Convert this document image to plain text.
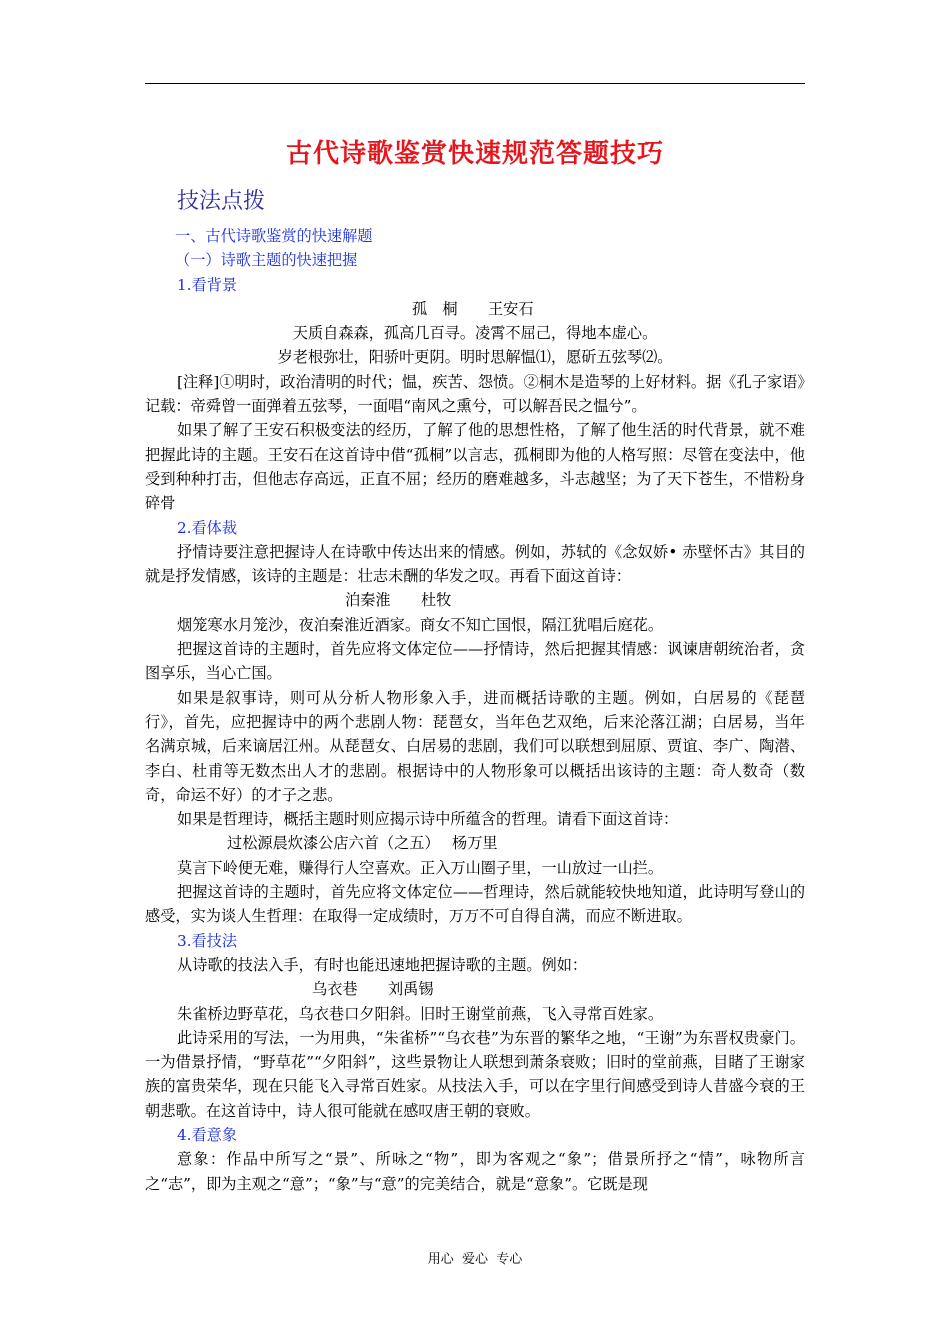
古代诗歌鉴赏快速规范答题技巧
技法点拨

一、古代诗歌鉴赏的快速解题

（一）诗歌主题的快速把握

1.看背景

孤　桐　　王安石

天质自森森，孤高几百寻。凌霄不屈己，得地本虚心。

岁老根弥壮，阳骄叶更阴。明时思解愠⑴，愿斫五弦琴⑵。

[注释]①明时，政治清明的时代；愠，疾苦、怨愤。②桐木是造琴的上好材料。据《孔子家语》记载：帝舜曾一面弹着五弦琴，一面唱“南风之熏兮，可以解吾民之愠兮”。

如果了解了王安石积极变法的经历，了解了他的思想性格，了解了他生活的时代背景，就不难把握此诗的主题。王安石在这首诗中借“孤桐”以言志，孤桐即为他的人格写照：尽管在变法中，他受到种种打击，但他志存高远，正直不屈；经历的磨难越多，斗志越坚；为了天下苍生，不惜粉身碎骨

2.看体裁

抒情诗要注意把握诗人在诗歌中传达出来的情感。例如，苏轼的《念奴娇• 赤壁怀古》其目的就是抒发情感，该诗的主题是：壮志未酬的华发之叹。再看下面这首诗：

泊秦淮　　杜牧

烟笼寒水月笼沙，夜泊秦淮近酒家。商女不知亡国恨，隔江犹唱后庭花。

把握这首诗的主题时，首先应将文体定位——抒情诗，然后把握其情感：讽谏唐朝统治者，贪图享乐，当心亡国。

如果是叙事诗，则可从分析人物形象入手，进而概括诗歌的主题。例如，白居易的《琵琶行》，首先，应把握诗中的两个悲剧人物：琵琶女，当年色艺双绝，后来沦落江湖；白居易，当年名满京城，后来谪居江州。从琵琶女、白居易的悲剧，我们可以联想到屈原、贾谊、李广、陶潜、李白、杜甫等无数杰出人才的悲剧。根据诗中的人物形象可以概括出该诗的主题：奇人数奇（数奇，命运不好）的才子之悲。

如果是哲理诗，概括主题时则应揭示诗中所蕴含的哲理。请看下面这首诗：

过松源晨炊漆公店六首（之五）　 杨万里

莫言下岭便无难，赚得行人空喜欢。正入万山圈子里，一山放过一山拦。

把握这首诗的主题时，首先应将文体定位——哲理诗，然后就能较快地知道，此诗明写登山的感受，实为谈人生哲理：在取得一定成绩时，万万不可自得自满，而应不断进取。

3.看技法

从诗歌的技法入手，有时也能迅速地把握诗歌的主题。例如：

乌衣巷　　刘禹锡

朱雀桥边野草花，乌衣巷口夕阳斜。旧时王谢堂前燕，飞入寻常百姓家。

此诗采用的写法，一为用典，“朱雀桥”“乌衣巷”为东晋的繁华之地，“王谢”为东晋权贵豪门。一为借景抒情，“野草花”“夕阳斜”，这些景物让人联想到萧条衰败；旧时的堂前燕，目睹了王谢家族的富贵荣华，现在只能飞入寻常百姓家。从技法入手，可以在字里行间感受到诗人昔盛今衰的王朝悲歌。在这首诗中，诗人很可能就在感叹唐王朝的衰败。

4.看意象

意象：作品中所写之“景”、所咏之“物”，即为客观之“象”；借景所抒之“情”，咏物所言之“志”，即为主观之“意”；“象”与“意”的完美结合，就是“意象”。它既是现

用心  爱心  专心
